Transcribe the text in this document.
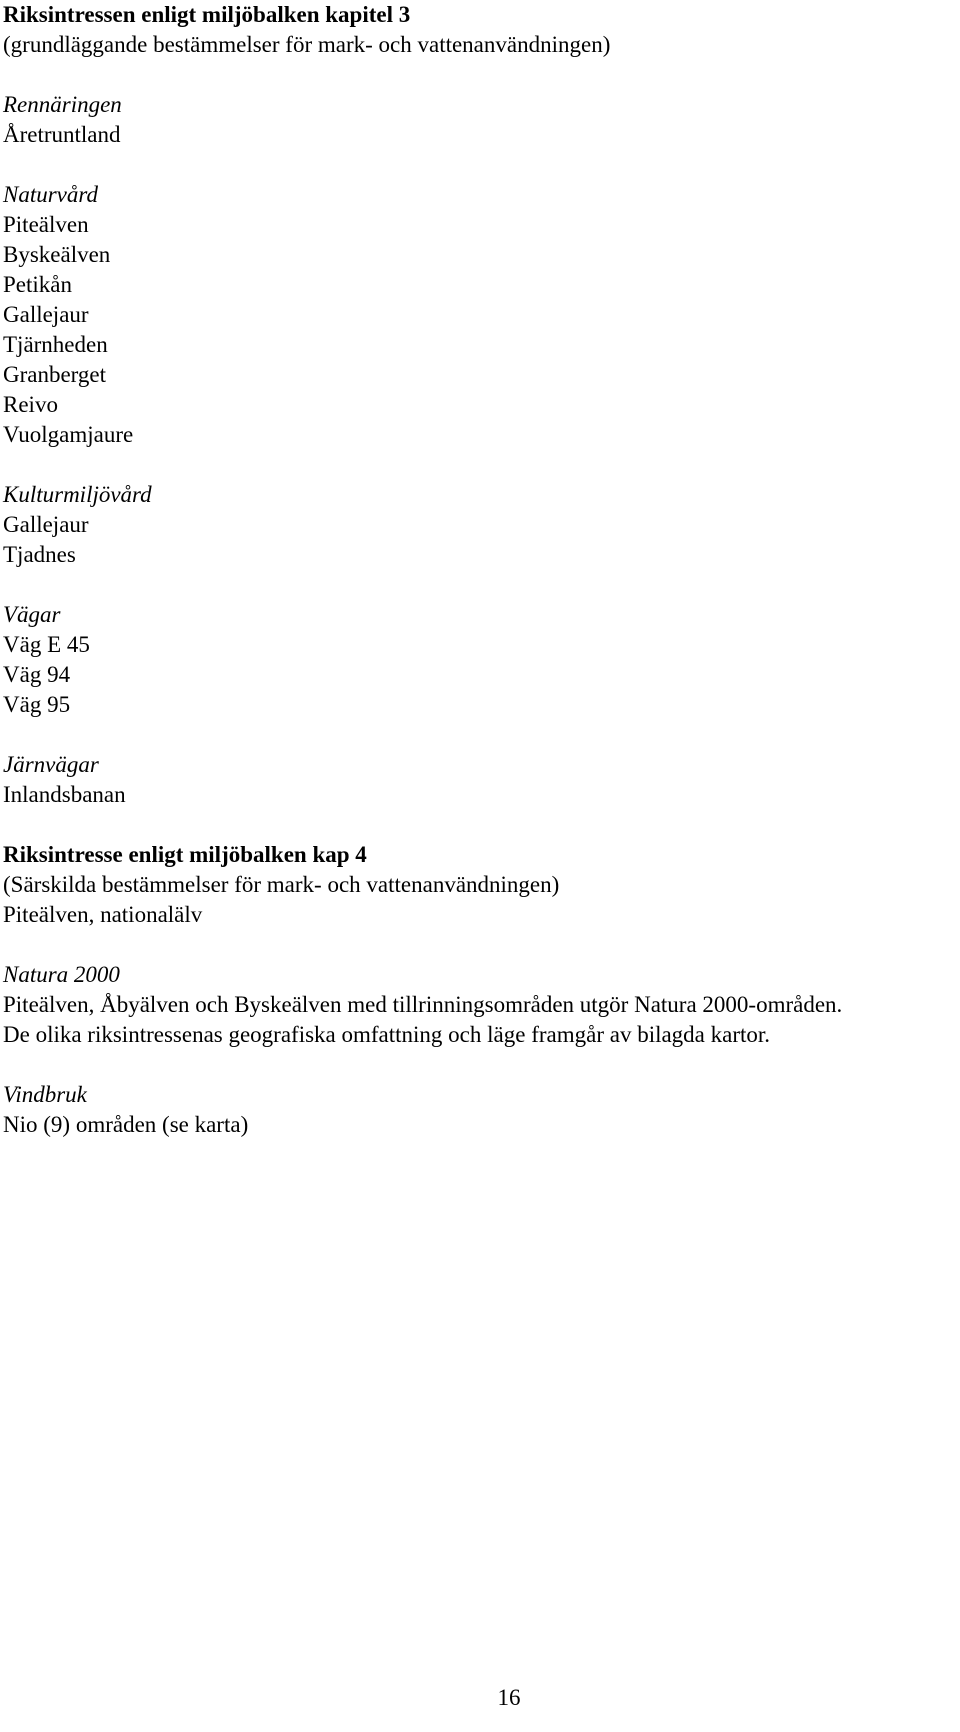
Riksintressen enligt miljöbalken kapitel 3
(grundläggande bestämmelser för mark- och vattenanvändningen)
Rennäringen
Åretruntland
Naturvård
Piteälven
Byskeälven
Petikån
Gallejaur
Tjärnheden
Granberget
Reivo
Vuolgamjaure
Kulturmiljövård
Gallejaur
Tjadnes
Vägar
Väg E 45
Väg 94
Väg 95
Järnvägar
Inlandsbanan
Riksintresse enligt miljöbalken kap 4
(Särskilda bestämmelser för mark- och vattenanvändningen)
Piteälven, nationalälv
Natura 2000
Piteälven, Åbyälven och Byskeälven med tillrinningsområden utgör Natura 2000-områden.
De olika riksintressenas geografiska omfattning och läge framgår av bilagda kartor.
Vindbruk
Nio (9) områden (se karta)
16
